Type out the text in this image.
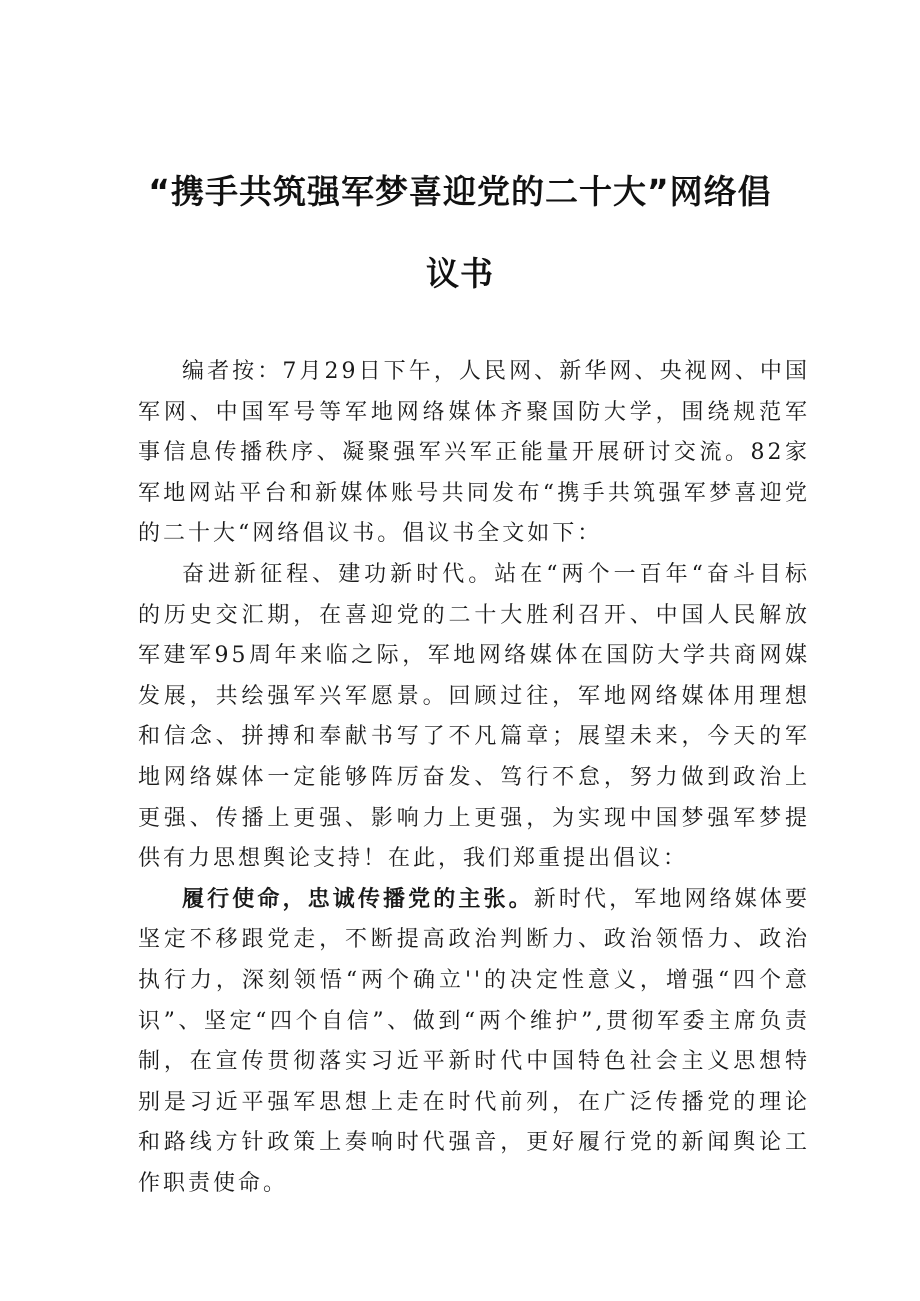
“携手共筑强军梦喜迎党的二十大”网络倡
议书

编者按：7月29日下午，人民网、新华网、央视网、中国军网、中国军号等军地网络媒体齐聚国防大学，围绕规范军事信息传播秩序、凝聚强军兴军正能量开展研讨交流。82家军地网站平台和新媒体账号共同发布“携手共筑强军梦喜迎党的二十大“网络倡议书。倡议书全文如下：

奋进新征程、建功新时代。站在“两个一百年“奋斗目标的历史交汇期，在喜迎党的二十大胜利召开、中国人民解放军建军95周年来临之际，军地网络媒体在国防大学共商网媒发展，共绘强军兴军愿景。回顾过往，军地网络媒体用理想和信念、拼搏和奉献书写了不凡篇章；展望未来，今天的军地网络媒体一定能够阵厉奋发、笃行不怠，努力做到政治上更强、传播上更强、影响力上更强，为实现中国梦强军梦提供有力思想舆论支持！在此，我们郑重提出倡议：

履行使命，忠诚传播党的主张。新时代，军地网络媒体要坚定不移跟党走，不断提高政治判断力、政治领悟力、政治执行力，深刻领悟“两个确立''的决定性意义，增强“四个意识”、坚定“四个自信”、做到“两个维护”,贯彻军委主席负责制，在宣传贯彻落实习近平新时代中国特色社会主义思想特别是习近平强军思想上走在时代前列，在广泛传播党的理论和路线方针政策上奏响时代强音，更好履行党的新闻舆论工作职责使命。
